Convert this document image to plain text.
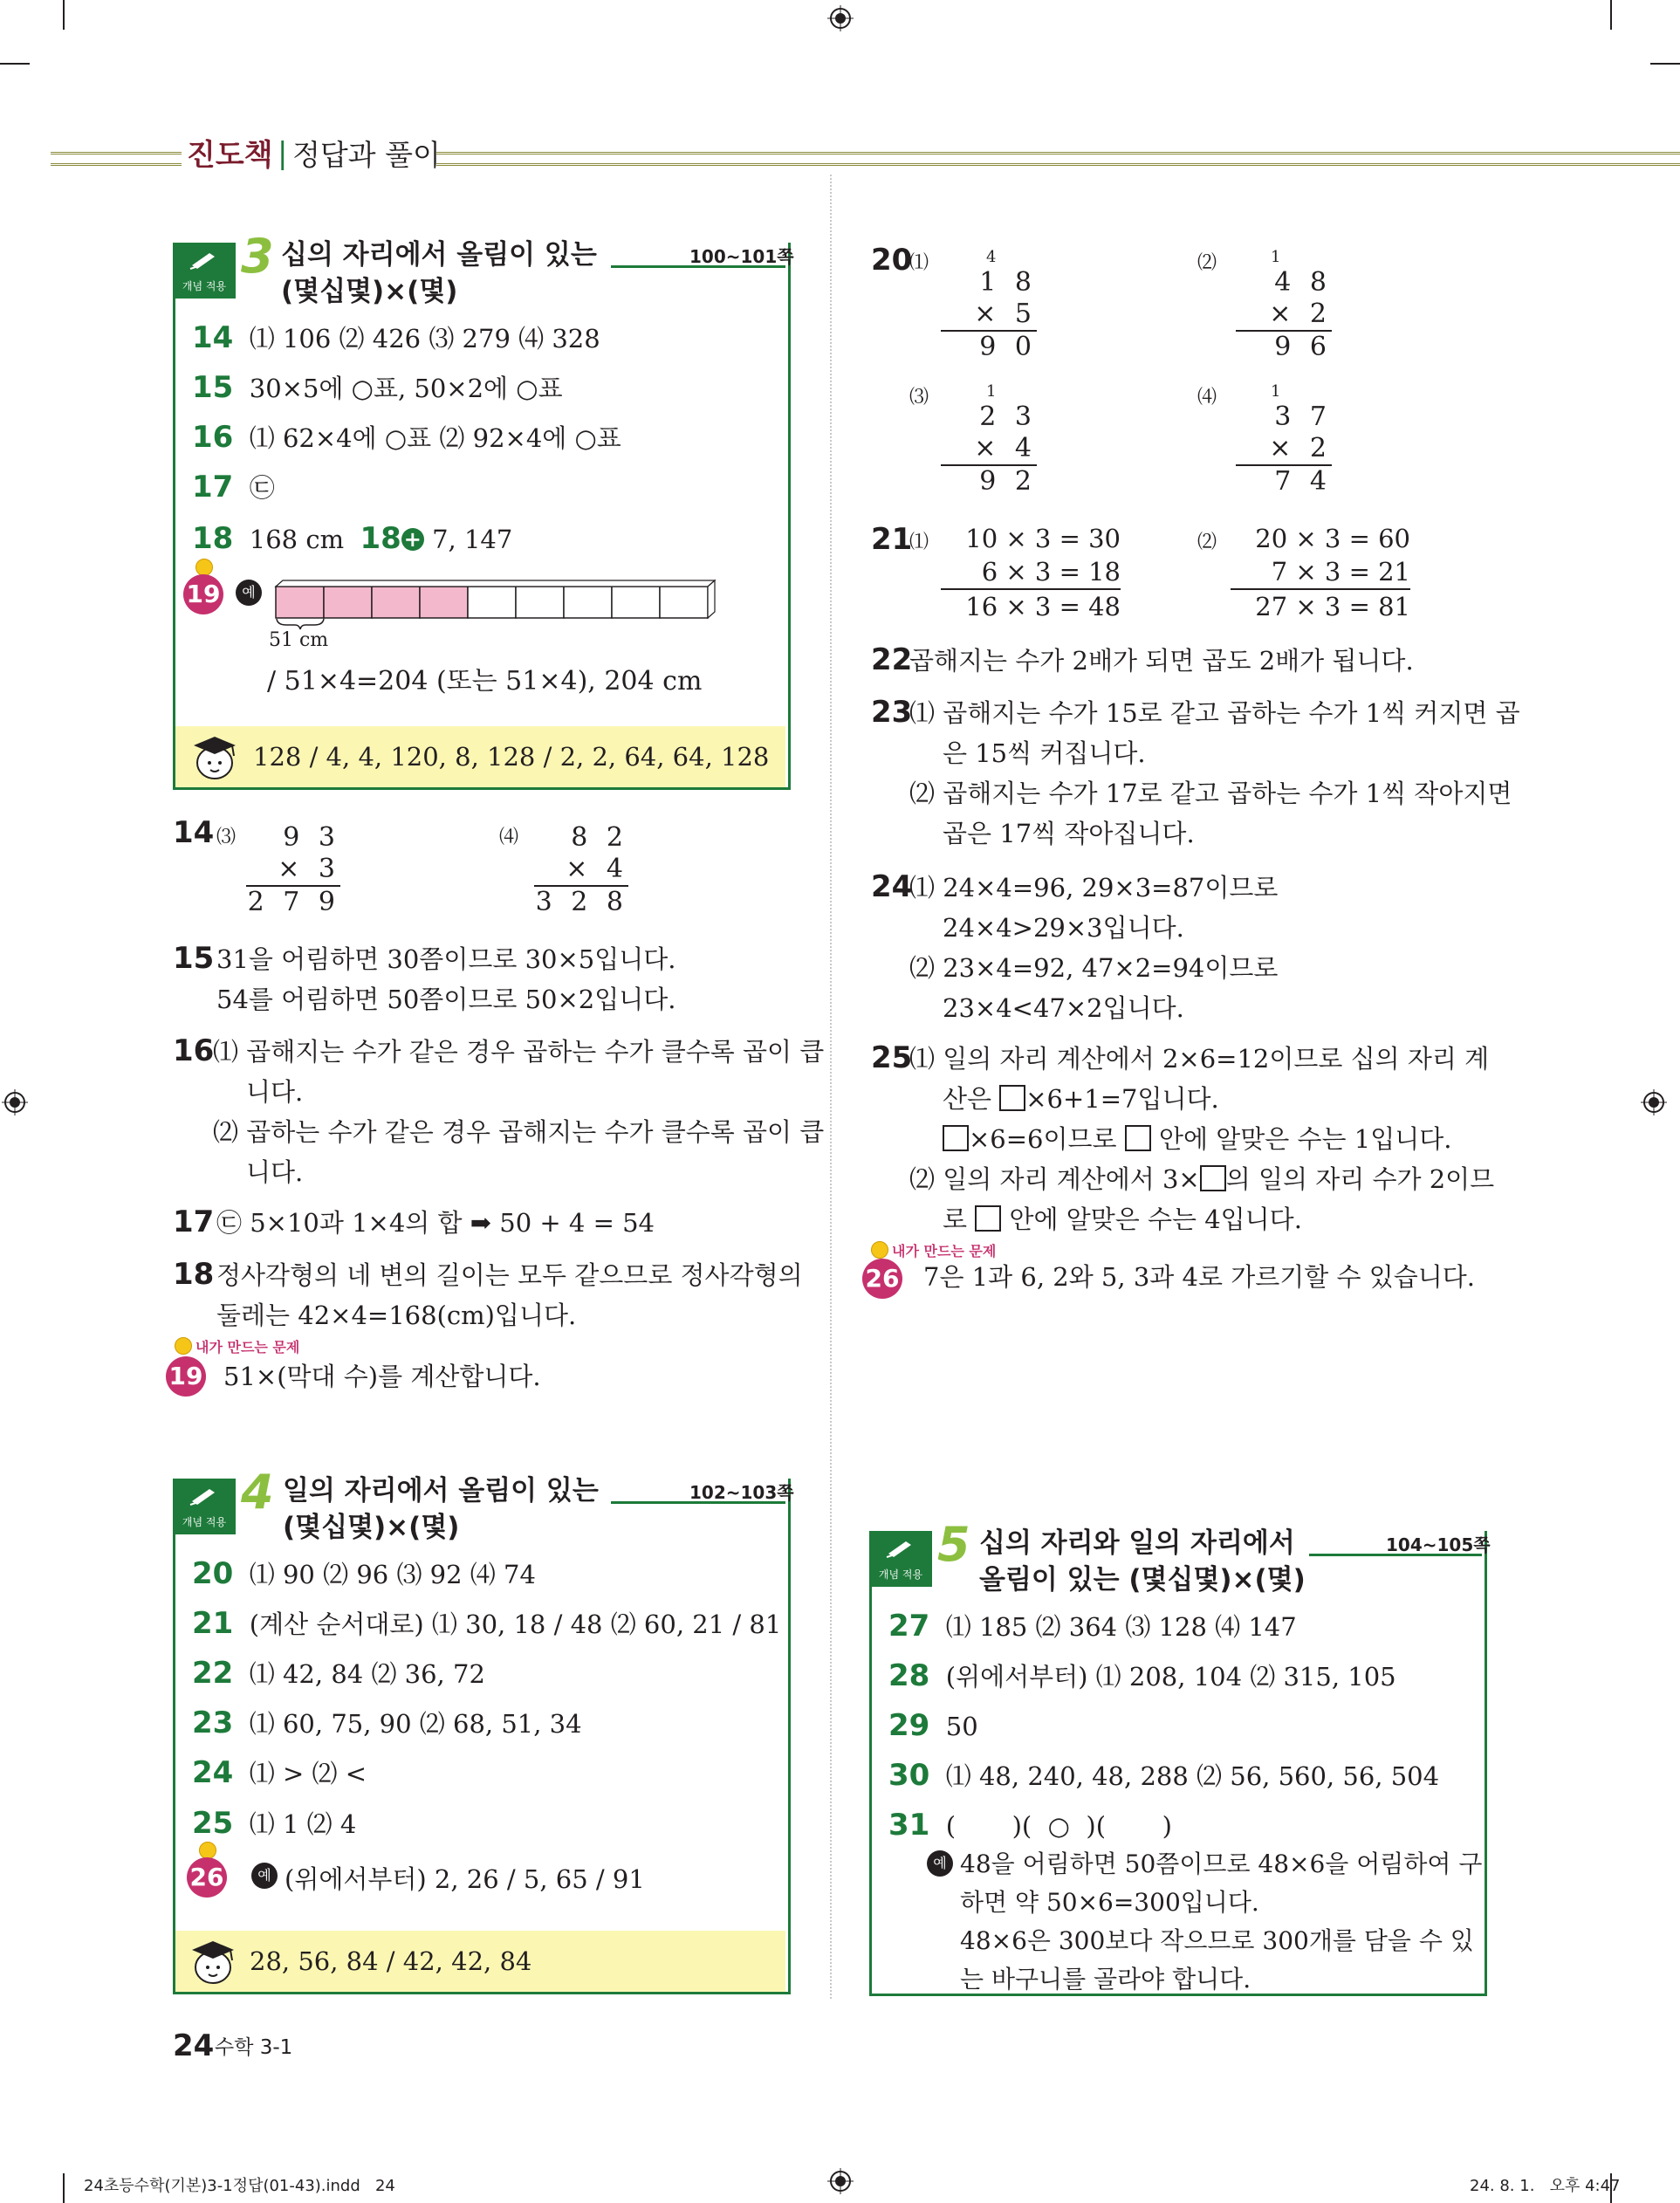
진도책 | 정답과 풀이
개념 적용
3 십의 자리에서 올림이 있는
(몇십몇)×(몇)
100~101쪽
14 ⑴ 106 ⑵ 426 ⑶ 279 ⑷ 328
15 30×5에 ○표, 50×2에 ○표
16 ⑴ 62×4에 ○표 ⑵ 92×4에 ○표
17 ㉢
18 168 cm 18 + 7, 147
19	예
51 cm
/ 51×4=204 (또는 51×4), 204 cm
128 / 4, 4, 120, 8, 128 / 2, 2, 64, 64, 128
14 ⑶	9 3
× 3
2 7 9
⑷	8 2
× 4
3 2 8
15 31을 어림하면 30쯤이므로 30×5입니다.
54를 어림하면 50쯤이므로 50×2입니다.
16
⑴ 곱해지는 수가 같은 경우 곱하는 수가 클수록 곱이 큽
니다.
⑵ 곱하는 수가 같은 경우 곱해지는 수가 클수록 곱이 큽
니다.
17 ㉢ 5×10과 1×4의 합 ➡ 50 + 4 = 54
18 정사각형의 네 변의 길이는 모두 같으므로 정사각형의
둘레는 42×4=168(cm)입니다.
내가 만드는 문제
19 51×(막대 수)를 계산합니다.
개념 적용
4 일의 자리에서 올림이 있는
(몇십몇)×(몇)
102~103쪽
20 ⑴ 90 ⑵ 96 ⑶ 92 ⑷ 74
21 (계산 순서대로) ⑴ 30, 18 / 48 ⑵ 60, 21 / 81
22 ⑴ 42, 84 ⑵ 36, 72
23 ⑴ 60, 75, 90 ⑵ 68, 51, 34
24 ⑴ > ⑵ <
25 ⑴ 1 ⑵ 4
26	예 (위에서부터) 2, 26 / 5, 65 / 91
28, 56, 84 / 42, 42, 84
20
⑴	4
1 8
× 5
9 0
⑵	1
4 8
× 2
9 6
⑶	1
2 3
× 4
9 2
⑷	1
3 7
× 2
7 4
21
⑴	10 × 3 = 30
6 × 3 = 18
16 × 3 = 48
⑵	20 × 3 = 60
7 × 3 = 21
27 × 3 = 81
22
곱해지는 수가 2배가 되면 곱도 2배가 됩니다.
23
⑴ 곱해지는 수가 15로 같고 곱하는 수가 1씩 커지면 곱
은 15씩 커집니다.
⑵ 곱해지는 수가 17로 같고 곱하는 수가 1씩 작아지면
곱은 17씩 작아집니다.
24
⑴ 24×4=96, 29×3=87이므로
24×4>29×3입니다.
⑵ 23×4=92, 47×2=94이므로
23×4<47×2입니다.
25
⑴ 일의 자리 계산에서 2×6=12이므로 십의 자리 계
산은 ×6+1=7입니다.
×6=6이므로  안에 알맞은 수는 1입니다.
⑵ 일의 자리 계산에서 3× 의 일의 자리 수가 2이므
로  안에 알맞은 수는 4입니다.
내가 만드는 문제
26 7은 1과 6, 2와 5, 3과 4로 가르기할 수 있습니다.
개념 적용
5 십의 자리와 일의 자리에서
올림이 있는 (몇십몇)×(몇)
104~105쪽
27 ⑴ 185 ⑵ 364 ⑶ 128 ⑷ 147
28 (위에서부터) ⑴ 208, 104 ⑵ 315, 105
29 50
30 ⑴ 48, 240, 48, 288 ⑵ 56, 560, 56, 504
31 (       )(  ○  )(       )
예 48을 어림하면 50쯤이므로 48×6을 어림하여 구
하면 약 50×6=300입니다.
48×6은 300보다 작으므로 300개를 담을 수 있
는 바구니를 골라야 합니다.
24 수학 3-1
24초등수학(기본)3-1정답(01-43).indd   24	24. 8. 1.   오후 4:47
